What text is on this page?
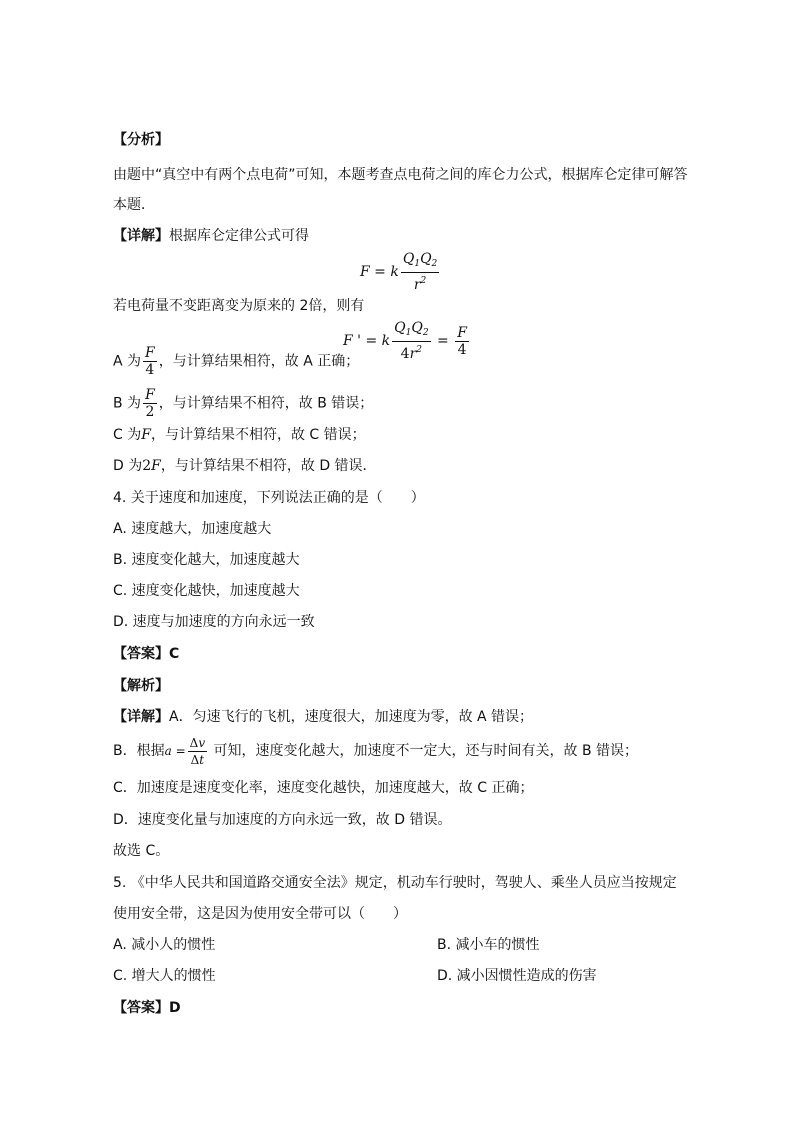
【分析】
由题中“真空中有两个点电荷”可知，本题考查点电荷之间的库仑力公式，根据库仑定律可解答
本题．
【详解】根据库仑定律公式可得
F = k $\frac{Q_1Q_2}{r^2}$
若电荷量不变距离变为原来的 2倍，则有
F ' = k $\frac{Q_1Q_2}{4r^2} = \frac{F}{4}$
A 为 $\frac{F}{4}$ ，与计算结果相符，故 A 正确；
B 为 $\frac{F}{2}$ ，与计算结果不相符，故 B 错误；
C 为F，与计算结果不相符，故 C 错误；
D 为2F，与计算结果不相符，故 D 错误．
4. 关于速度和加速度，下列说法正确的是（　　）
A. 速度越大，加速度越大
B. 速度变化越大，加速度越大
C. 速度变化越快，加速度越大
D. 速度与加速度的方向永远一致
【答案】C
【解析】
【详解】A．匀速飞行的飞机，速度很大，加速度为零，故 A 错误；
B．根据$a = \frac{\Delta v}{\Delta t}$ 可知，速度变化越大，加速度不一定大，还与时间有关，故 B 错误；
C．加速度是速度变化率，速度变化越快，加速度越大，故 C 正确；
D．速度变化量与加速度的方向永远一致，故 D 错误。
故选 C。
5. 《中华人民共和国道路交通安全法》规定，机动车行驶时，驾驶人、乘坐人员应当按规定
使用安全带，这是因为使用安全带可以（　　）
A. 减小人的惯性	B. 减小车的惯性
C. 增大人的惯性	D. 减小因惯性造成的伤害
【答案】D
